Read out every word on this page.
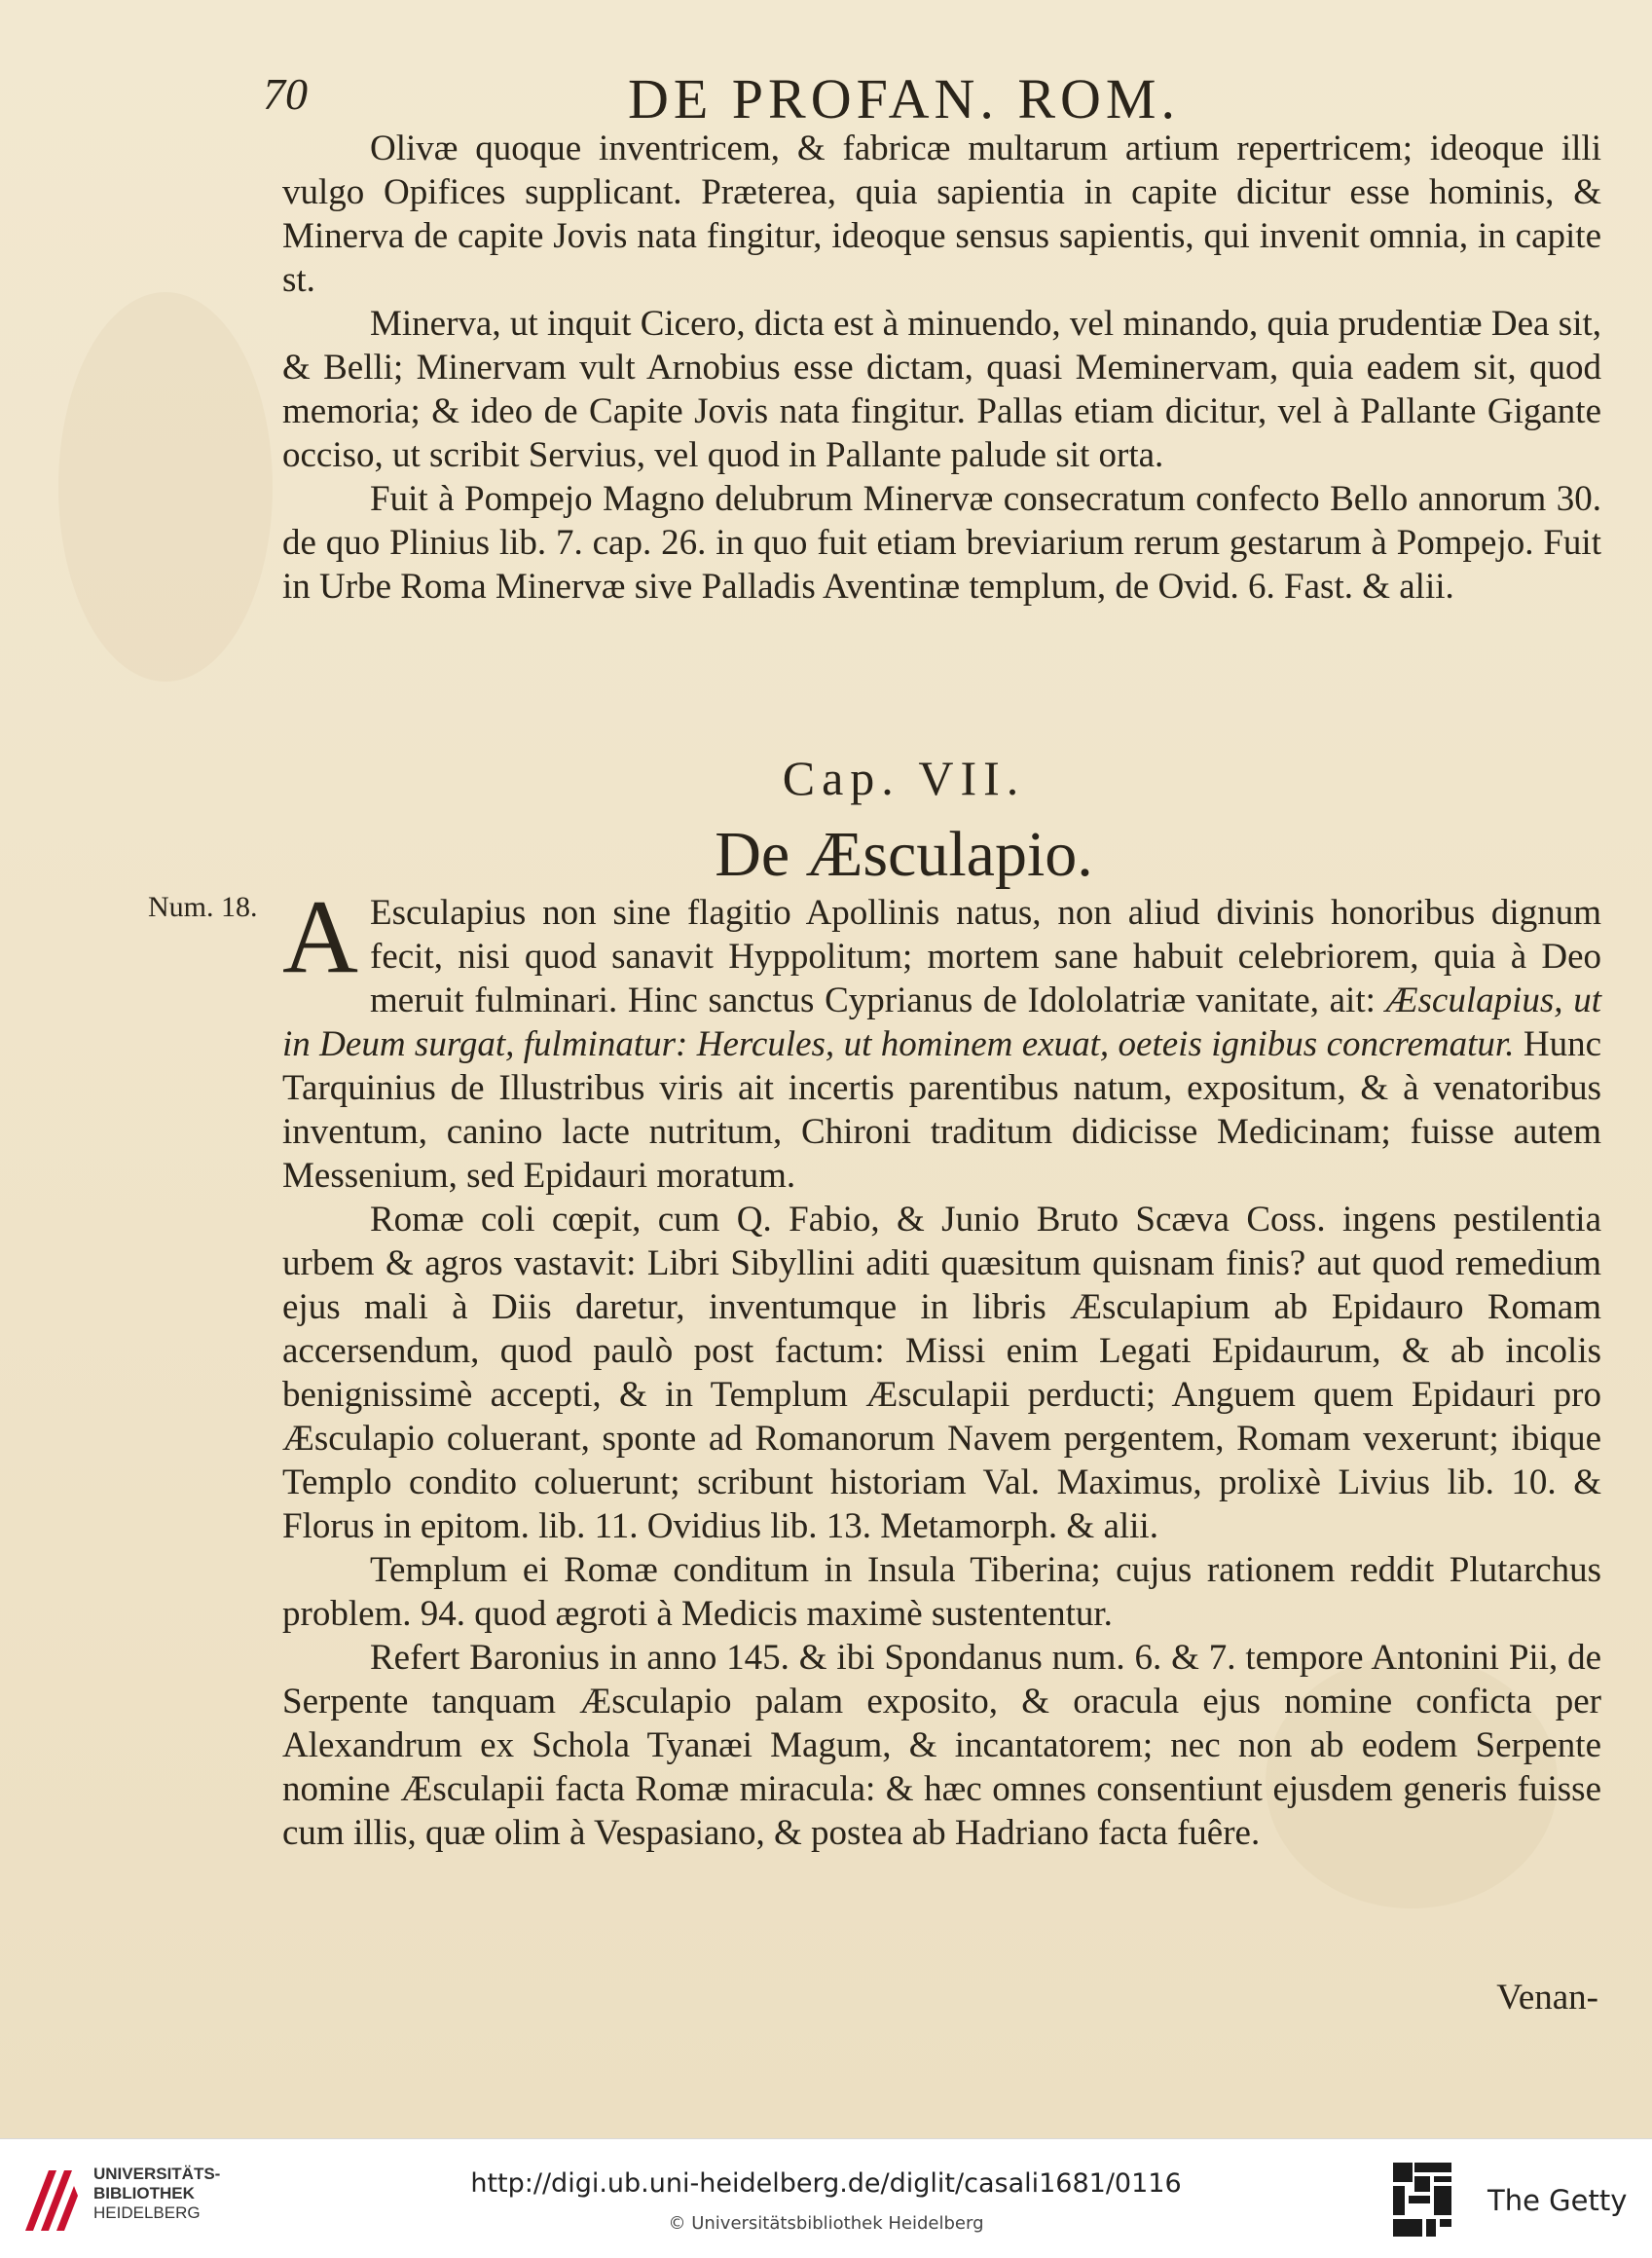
70	DE PROFAN. ROM.

Olivæ quoque inventricem, & fabricæ multarum artium repertricem; ideoque illi vulgo Opifices supplicant. Præterea, quia sapientia in capite dicitur esse hominis, & Minerva de capite Jovis nata fingitur, ideoque sensus sapientis, qui invenit omnia, in capite st.

Minerva, ut inquit Cicero, dicta est à minuendo, vel minando, quia prudentiæ Dea sit, & Belli; Minervam vult Arnobius esse dictam, quasi Meminervam, quia eadem sit, quod memoria; & ideo de Capite Jovis nata fingitur. Pallas etiam dicitur, vel à Pallante Gigante occiso, ut scribit Servius, vel quod in Pallante palude sit orta.

Fuit à Pompejo Magno delubrum Minervæ consecratum confecto Bello annorum 30. de quo Plinius lib. 7. cap. 26. in quo fuit etiam breviarium rerum gestarum à Pompejo. Fuit in Urbe Roma Minervæ sive Palladis Aventinæ templum, de Ovid. 6. Fast. & alii.

Cap. VII.
De Æsculapio.
Num. 18. A Esculapius non sine flagitio Apollinis natus, non aliud divinis honoribus dignum fecit, nisi quod sanavit Hyppolitum; mortem sane habuit celebriorem, quia à Deo meruit fulminari. Hinc sanctus Cyprianus de Idololatriæ vanitate, ait: Æsculapius, ut in Deum surgat, fulminatur: Hercules, ut hominem exuat, oeteis ignibus concrematur. Hunc Tarquinius de Illustribus viris ait incertis parentibus natum, expositum, & à venatoribus inventum, canino lacte nutritum, Chironi traditum didicisse Medicinam; fuisse autem Messenium, sed Epidauri moratum.

Romæ coli cœpit, cum Q. Fabio, & Junio Bruto Scæva Coss. ingens pestilentia urbem & agros vastavit: Libri Sibyllini aditi quæsitum quisnam finis? aut quod remedium ejus mali à Diis daretur, inventumque in libris Æsculapium ab Epidauro Romam accersendum, quod paulò post factum: Missi enim Legati Epidaurum, & ab incolis benignissimè accepti, & in Templum Æsculapii perducti; Anguem quem Epidauri pro Æsculapio coluerant, sponte ad Romanorum Navem pergentem, Romam vexerunt; ibique Templo condito coluerunt; scribunt historiam Val. Maximus, prolixè Livius lib. 10. & Florus in epitom. lib. 11. Ovidius lib. 13. Metamorph. & alii.

Templum ei Romæ conditum in Insula Tiberina; cujus rationem reddit Plutarchus problem. 94. quod ægroti à Medicis maximè sustententur.

Refert Baronius in anno 145. & ibi Spondanus num. 6. & 7. tempore Antonini Pii, de Serpente tanquam Æsculapio palam exposito, & oracula ejus nomine conficta per Alexandrum ex Schola Tyanæi Magum, & incantatorem; nec non ab eodem Serpente nomine Æsculapii facta Romæ miracula: & hæc omnes consentiunt ejusdem generis fuisse cum illis, quæ olim à Vespasiano, & postea ab Hadriano facta fuêre.

Venan-
UNIVERSITÄTS-
BIBLIOTHEK
HEIDELBERG
http://digi.ub.uni-heidelberg.de/diglit/casali1681/0116
© Universitätsbibliothek Heidelberg
The Getty
